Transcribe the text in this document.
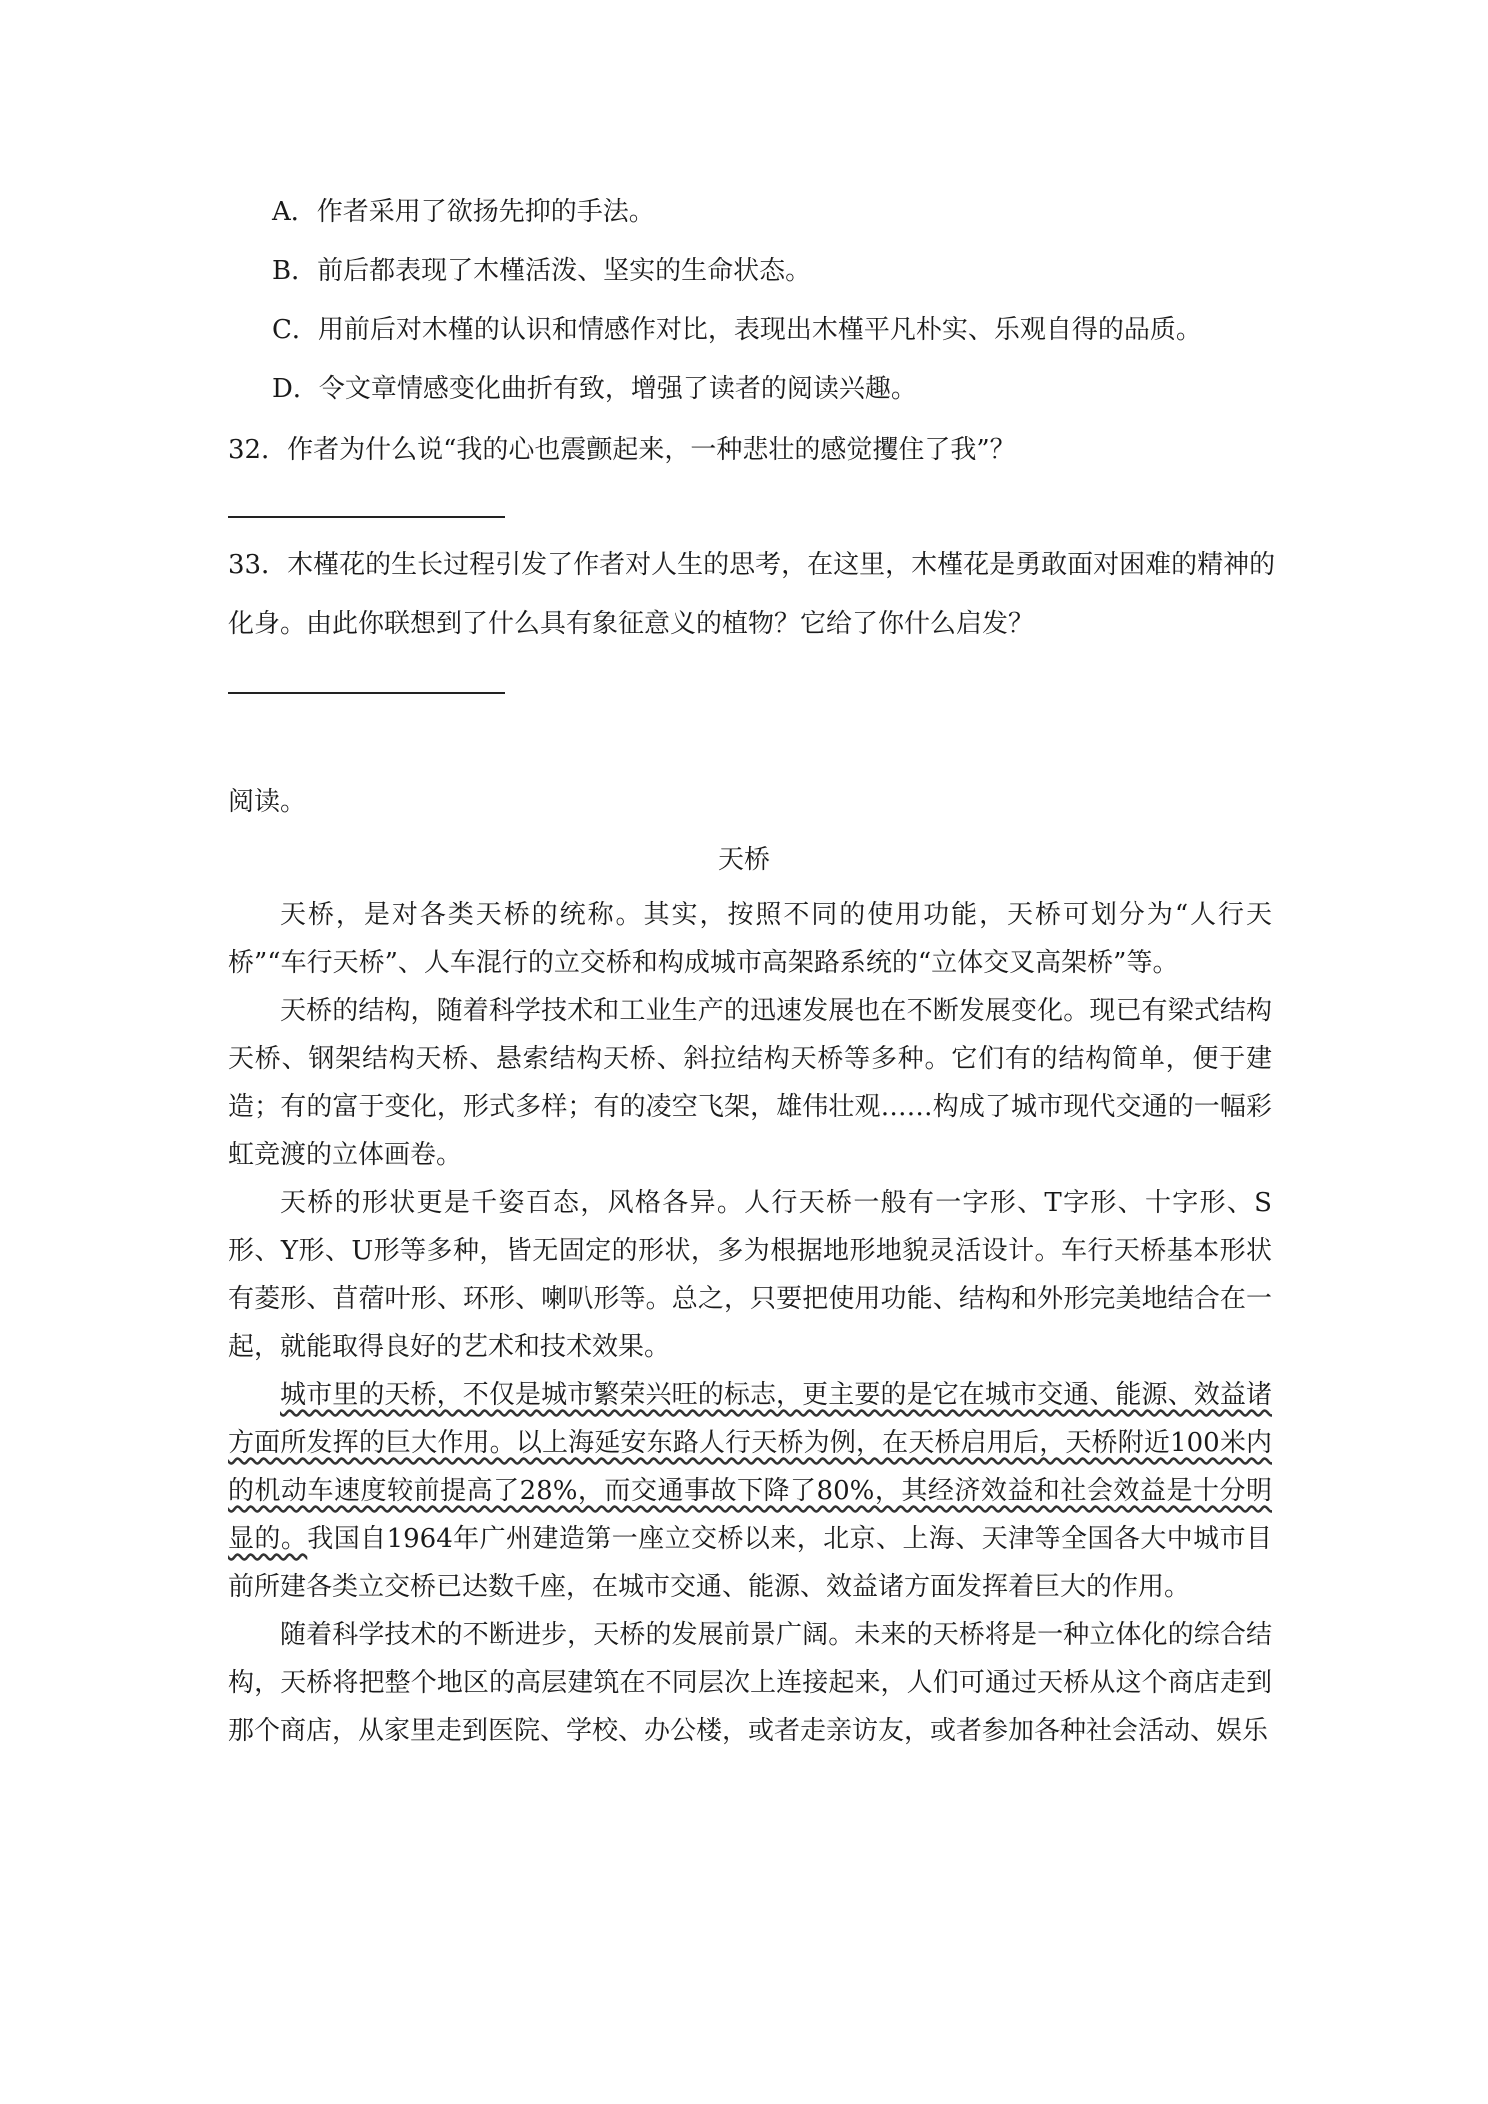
A．作者采用了欲扬先抑的手法。
B．前后都表现了木槿活泼、坚实的生命状态。
C．用前后对木槿的认识和情感作对比，表现出木槿平凡朴实、乐观自得的品质。
D．令文章情感变化曲折有致，增强了读者的阅读兴趣。
32．作者为什么说“我的心也震颤起来，一种悲壮的感觉攫住了我”？
33．木槿花的生长过程引发了作者对人生的思考，在这里，木槿花是勇敢面对困难的精神的
化身。由此你联想到了什么具有象征意义的植物？它给了你什么启发？
阅读。
天桥

天桥，是对各类天桥的统称。其实，按照不同的使用功能，天桥可划分为“人行天桥”“车行天桥”、人车混行的立交桥和构成城市高架路系统的“立体交叉高架桥”等。

天桥的结构，随着科学技术和工业生产的迅速发展也在不断发展变化。现已有梁式结构天桥、钢架结构天桥、悬索结构天桥、斜拉结构天桥等多种。它们有的结构简单，便于建造；有的富于变化，形式多样；有的凌空飞架，雄伟壮观……构成了城市现代交通的一幅彩虹竞渡的立体画卷。

天桥的形状更是千姿百态，风格各异。人行天桥一般有一字形、T字形、十字形、S形、Y形、U形等多种，皆无固定的形状，多为根据地形地貌灵活设计。车行天桥基本形状有菱形、苜蓿叶形、环形、喇叭形等。总之，只要把使用功能、结构和外形完美地结合在一起，就能取得良好的艺术和技术效果。

城市里的天桥，不仅是城市繁荣兴旺的标志，更主要的是它在城市交通、能源、效益诸方面所发挥的巨大作用。以上海延安东路人行天桥为例，在天桥启用后，天桥附近100米内的机动车速度较前提高了28%，而交通事故下降了80%，其经济效益和社会效益是十分明显的。我国自1964年广州建造第一座立交桥以来，北京、上海、天津等全国各大中城市目前所建各类立交桥已达数千座，在城市交通、能源、效益诸方面发挥着巨大的作用。

随着科学技术的不断进步，天桥的发展前景广阔。未来的天桥将是一种立体化的综合结构，天桥将把整个地区的高层建筑在不同层次上连接起来，人们可通过天桥从这个商店走到那个商店，从家里走到医院、学校、办公楼，或者走亲访友，或者参加各种社会活动、娱乐
